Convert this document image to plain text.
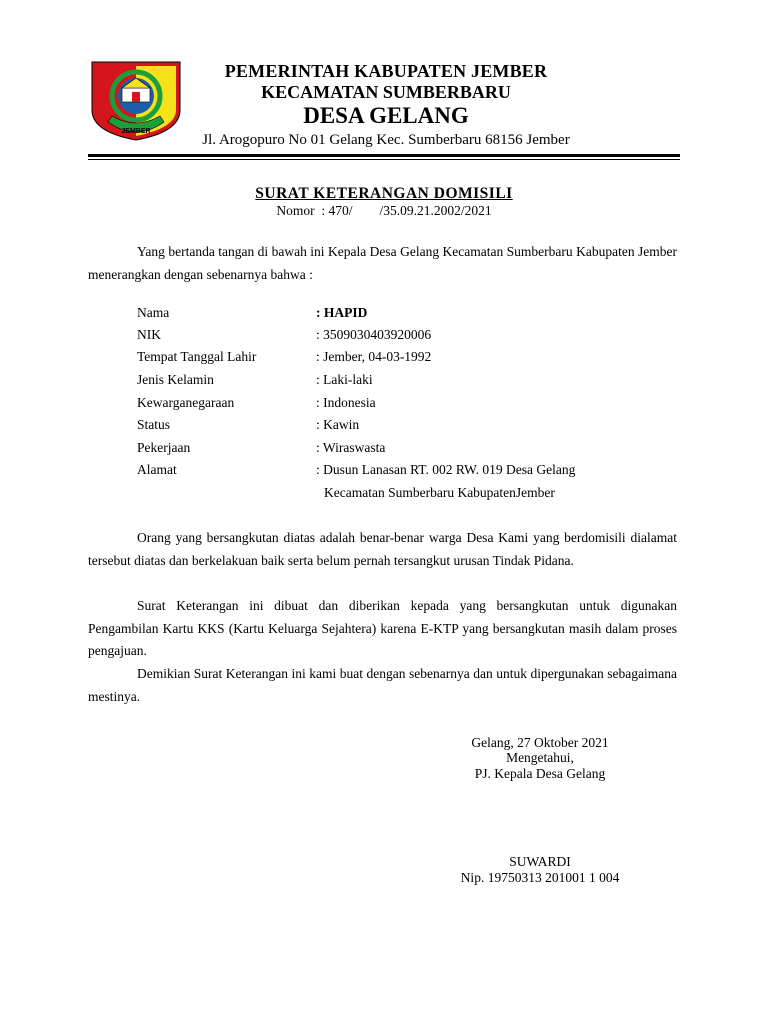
JEMBER
PEMERINTAH KABUPATEN JEMBER
KECAMATAN SUMBERBARU
DESA GELANG
Jl. Arogopuro No 01 Gelang Kec. Sumberbaru 68156 Jember
SURAT KETERANGAN DOMISILI
Nomor : 470/        /35.09.21.2002/2021

Yang bertanda tangan di bawah ini Kepala Desa Gelang Kecamatan Sumberbaru Kabupaten Jember menerangkan dengan sebenarnya bahwa :

Nama	: HAPID
NIK	: 3509030403920006
Tempat Tanggal Lahir	: Jember, 04-03-1992
Jenis Kelamin	: Laki-laki
Kewarganegaraan	: Indonesia
Status	: Kawin
Pekerjaan	: Wiraswasta
Alamat	: Dusun Lanasan RT. 002 RW. 019 Desa Gelang
Kecamatan Sumberbaru KabupatenJember

Orang yang bersangkutan diatas adalah benar-benar warga Desa Kami yang berdomisili dialamat tersebut diatas dan berkelakuan baik serta belum pernah tersangkut urusan Tindak Pidana.

Surat Keterangan ini dibuat dan diberikan kepada yang bersangkutan untuk digunakan Pengambilan Kartu KKS (Kartu Keluarga Sejahtera) karena E-KTP yang bersangkutan masih dalam proses pengajuan.

Demikian Surat Keterangan ini kami buat dengan sebenarnya dan untuk dipergunakan sebagaimana mestinya.

Gelang, 27 Oktober 2021
Mengetahui,
PJ. Kepala Desa Gelang
SUWARDI
Nip. 19750313 201001 1 004
